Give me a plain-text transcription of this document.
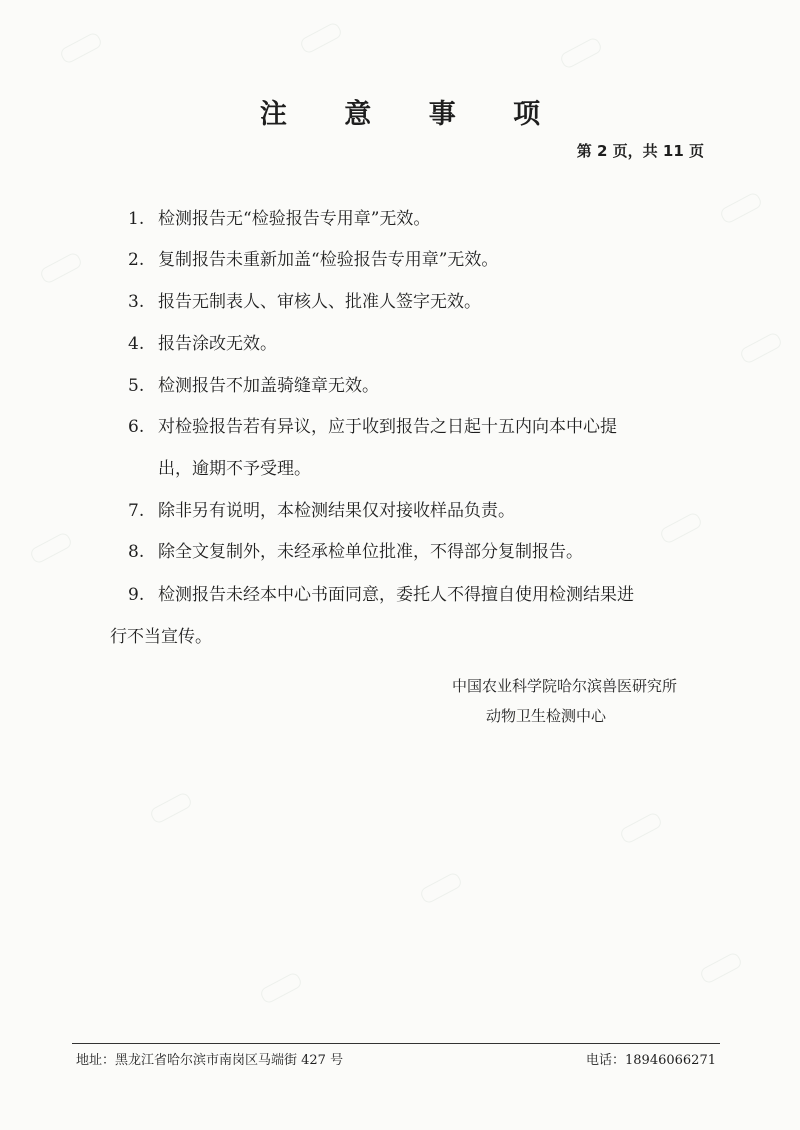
注 意 事 项
第 2 页，共 11 页
1. 检测报告无“检验报告专用章”无效。
2. 复制报告未重新加盖“检验报告专用章”无效。
3. 报告无制表人、审核人、批准人签字无效。
4. 报告涂改无效。
5. 检测报告不加盖骑缝章无效。
6. 对检验报告若有异议，应于收到报告之日起十五内向本中心提
出，逾期不予受理。
7. 除非另有说明，本检测结果仅对接收样品负责。
8. 除全文复制外，未经承检单位批准，不得部分复制报告。
9. 检测报告未经本中心书面同意，委托人不得擅自使用检测结果进
行不当宣传。
中国农业科学院哈尔滨兽医研究所
动物卫生检测中心
地址：黑龙江省哈尔滨市南岗区马端街 427 号	电话：18946066271
